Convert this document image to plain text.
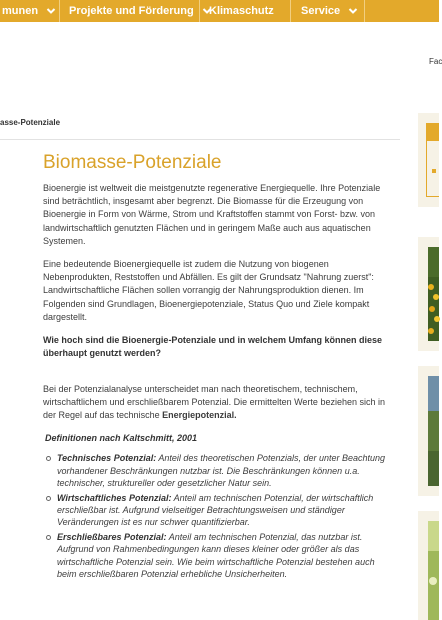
munen	Projekte und Förderung Klimaschutz Service
Fac
asse-Potenziale
Biomasse-Potenziale

Bioenergie ist weltweit die meistgenutzte regenerative Energiequelle. Ihre Potenziale sind beträchtlich, insgesamt aber begrenzt. Die Biomasse für die Erzeugung von Bioenergie in Form von Wärme, Strom und Kraftstoffen stammt von Forst- bzw. von landwirtschaftlich genutzten Flächen und in geringem Maße auch aus aquatischen Systemen.

Eine bedeutende Bioenergiequelle ist zudem die Nutzung von biogenen Nebenprodukten, Reststoffen und Abfällen. Es gilt der Grundsatz "Nahrung zuerst": Landwirtschaftliche Flächen sollen vorrangig der Nahrungsproduktion dienen. Im Folgenden sind Grundlagen, Bioenergiepotenziale, Status Quo und Ziele kompakt dargestellt.

Wie hoch sind die Bioenergie-Potenziale und in welchem Umfang können diese überhaupt genutzt werden?

Bei der Potenzialanalyse unterscheidet man nach theoretischem, technischem, wirtschaftlichem und erschließbarem Potenzial. Die ermittelten Werte beziehen sich in der Regel auf das technische Energiepotenzial.

Definitionen nach Kaltschmitt, 2001

Technisches Potenzial: Anteil des theoretischen Potenzials, der unter Beachtung vorhandener Beschränkungen nutzbar ist. Die Beschränkungen können u.a. technischer, struktureller oder gesetzlicher Natur sein.
Wirtschaftliches Potenzial: Anteil am technischen Potenzial, der wirtschaftlich erschließbar ist. Aufgrund vielseitiger Betrachtungsweisen und ständiger Veränderungen ist es nur schwer quantifizierbar.
Erschließbares Potenzial: Anteil am technischen Potenzial, das nutzbar ist. Aufgrund von Rahmenbedingungen kann dieses kleiner oder größer als das wirtschaftliche Potenzial sein. Wie beim wirtschaftliche Potenzial bestehen auch beim erschließbaren Potenzial erhebliche Unsicherheiten.
